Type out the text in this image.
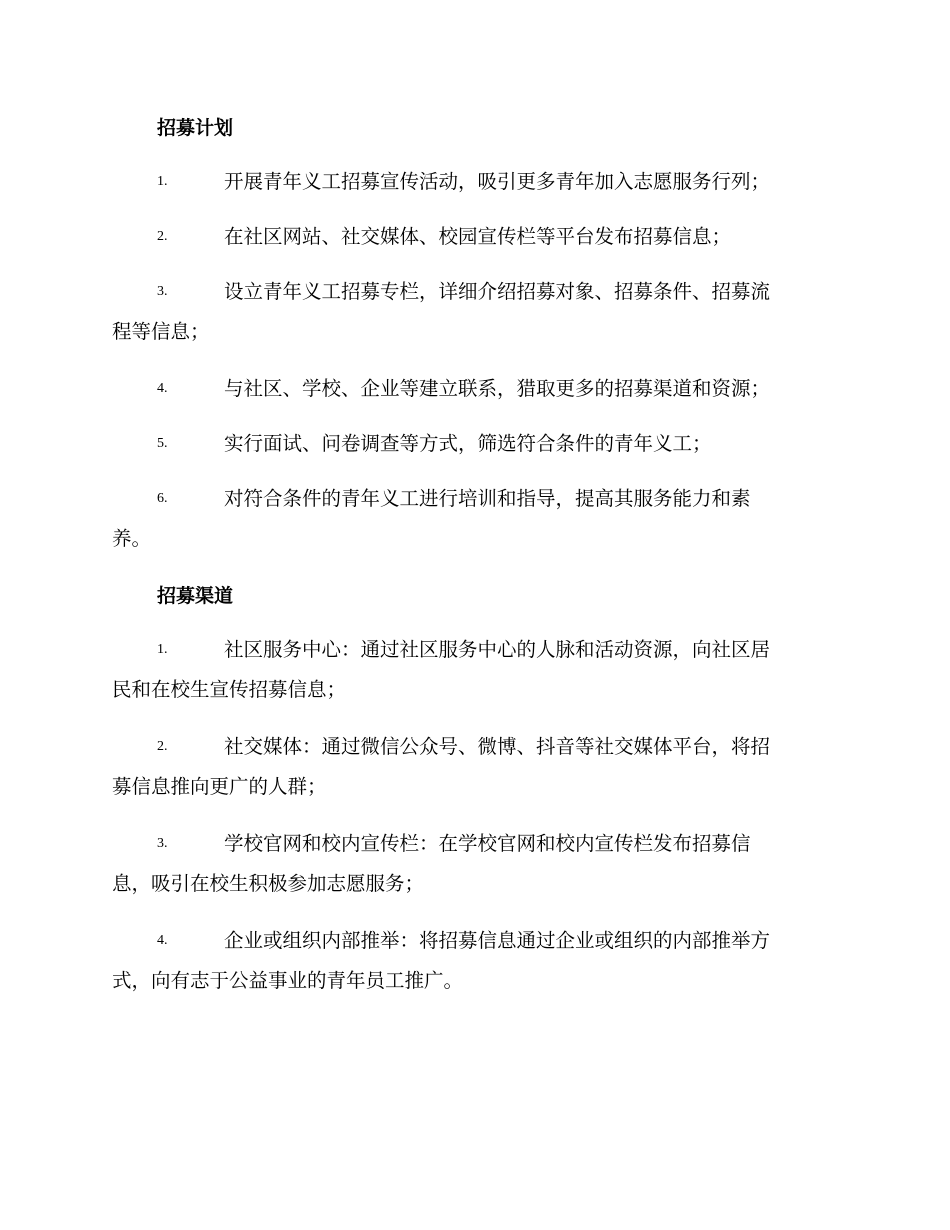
招募计划
1.	开展青年义工招募宣传活动，吸引更多青年加入志愿服务行列；
2.	在社区网站、社交媒体、校园宣传栏等平台发布招募信息；
3.	设立青年义工招募专栏，详细介绍招募对象、招募条件、招募流
程等信息；
4.	与社区、学校、企业等建立联系，猎取更多的招募渠道和资源；
5.	实行面试、问卷调查等方式，筛选符合条件的青年义工；
6.	对符合条件的青年义工进行培训和指导，提高其服务能力和素
养。
招募渠道
1.	社区服务中心：通过社区服务中心的人脉和活动资源，向社区居
民和在校生宣传招募信息；
2.	社交媒体：通过微信公众号、微博、抖音等社交媒体平台，将招
募信息推向更广的人群；
3.	学校官网和校内宣传栏：在学校官网和校内宣传栏发布招募信
息，吸引在校生积极参加志愿服务；
4.	企业或组织内部推举：将招募信息通过企业或组织的内部推举方
式，向有志于公益事业的青年员工推广。
